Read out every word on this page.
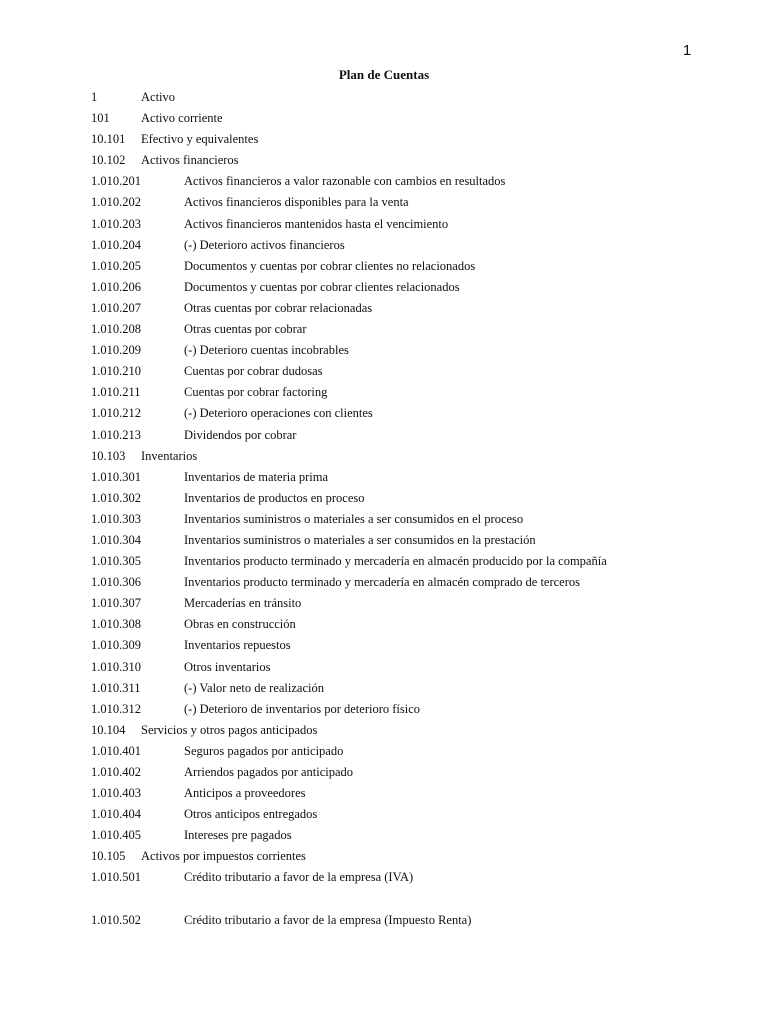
1
Plan de Cuentas
1	Activo
101	Activo corriente
10.101 Efectivo y equivalentes
10.102 Activos financieros
1.010.201	Activos financieros a valor razonable con cambios en resultados
1.010.202	Activos financieros disponibles para la venta
1.010.203	Activos financieros mantenidos hasta el vencimiento
1.010.204	(-) Deterioro activos financieros
1.010.205	Documentos y cuentas por cobrar clientes no relacionados
1.010.206	Documentos y cuentas por cobrar clientes relacionados
1.010.207	Otras cuentas por cobrar relacionadas
1.010.208	Otras cuentas por cobrar
1.010.209	(-) Deterioro cuentas incobrables
1.010.210	Cuentas por cobrar dudosas
1.010.211	Cuentas por cobrar factoring
1.010.212	(-) Deterioro operaciones con clientes
1.010.213	Dividendos por cobrar
10.103 Inventarios
1.010.301	Inventarios de materia prima
1.010.302	Inventarios de productos en proceso
1.010.303	Inventarios suministros o materiales a ser consumidos en el proceso
1.010.304	Inventarios suministros o materiales a ser consumidos en la prestación
1.010.305	Inventarios producto terminado y mercadería en almacén producido por la compañía
1.010.306	Inventarios producto terminado y mercadería en almacén comprado de terceros
1.010.307	Mercaderías en tránsito
1.010.308	Obras en construcción
1.010.309	Inventarios repuestos
1.010.310	Otros inventarios
1.010.311	(-) Valor neto de realización
1.010.312	(-) Deterioro de inventarios por deterioro físico
10.104 Servicios y otros pagos anticipados
1.010.401	Seguros pagados por anticipado
1.010.402	Arriendos pagados por anticipado
1.010.403	Anticipos a proveedores
1.010.404	Otros anticipos entregados
1.010.405	Intereses pre pagados
10.105 Activos por impuestos corrientes
1.010.501	Crédito tributario a favor de la empresa (IVA)
1.010.502	Crédito tributario a favor de la empresa (Impuesto Renta)
